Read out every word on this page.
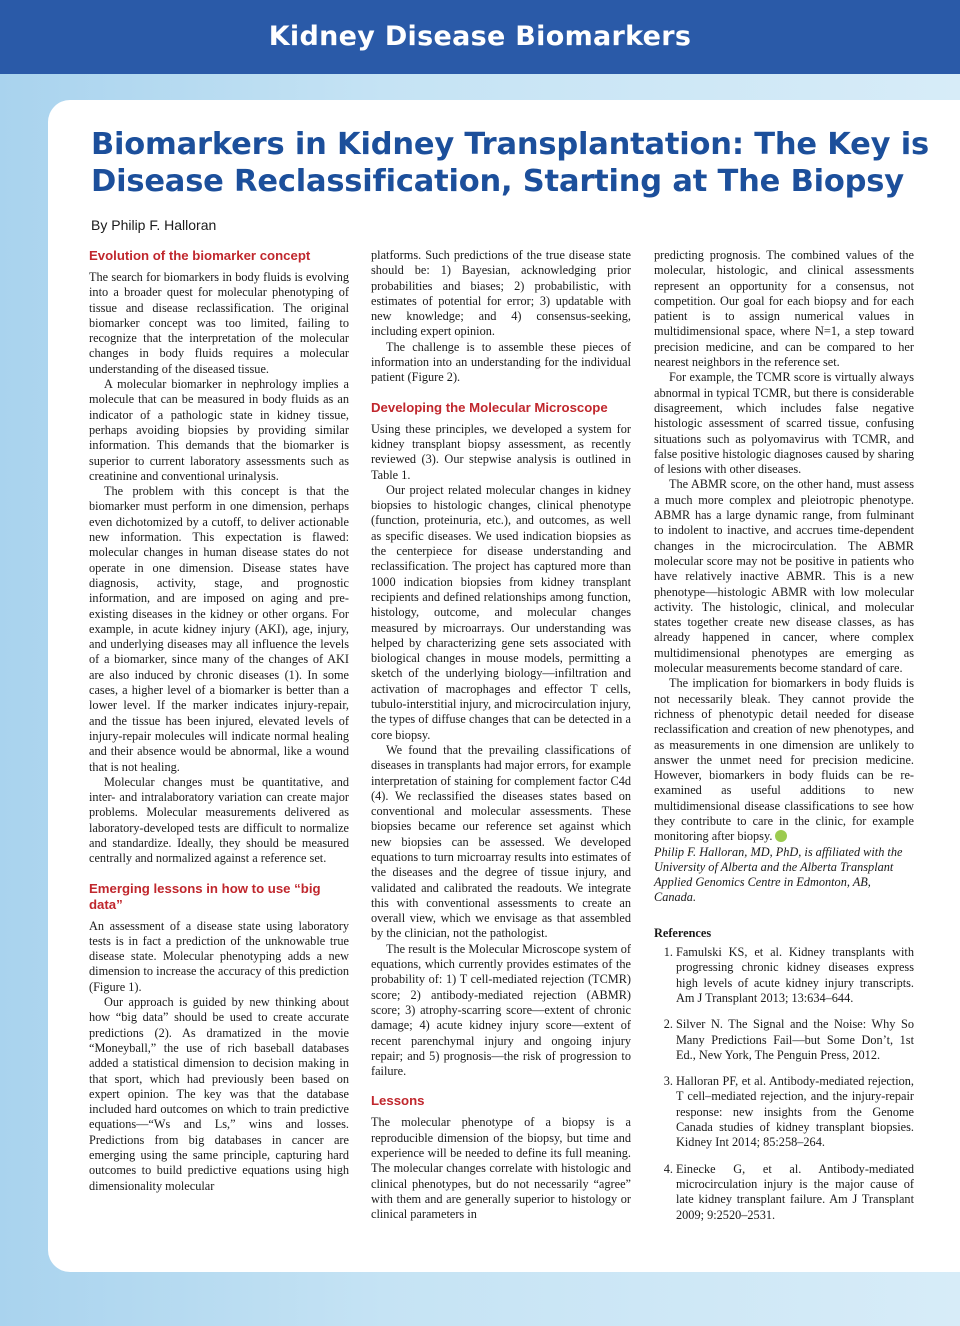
Kidney Disease Biomarkers
Biomarkers in Kidney Transplantation: The Key is Disease Reclassification, Starting at The Biopsy
By Philip F. Halloran
Evolution of the biomarker concept

The search for biomarkers in body fluids is evolving into a broader quest for molecular phenotyping of tissue and disease reclassification. The original biomarker concept was too limited, failing to recognize that the interpretation of the molecular changes in body fluids requires a molecular understanding of the diseased tissue.

A molecular biomarker in nephrology implies a molecule that can be measured in body fluids as an indicator of a pathologic state in kidney tissue, perhaps avoiding biopsies by providing similar information. This demands that the biomarker is superior to current laboratory assessments such as creatinine and conventional urinalysis.

The problem with this concept is that the biomarker must perform in one dimension, perhaps even dichotomized by a cutoff, to deliver actionable new information. This expectation is flawed: molecular changes in human disease states do not operate in one dimension. Disease states have diagnosis, activity, stage, and prognostic information, and are imposed on aging and pre-existing diseases in the kidney or other organs. For example, in acute kidney injury (AKI), age, injury, and underlying diseases may all influence the levels of a biomarker, since many of the changes of AKI are also induced by chronic diseases (1). In some cases, a higher level of a biomarker is better than a lower level. If the marker indicates injury-repair, and the tissue has been injured, elevated levels of injury-repair molecules will indicate normal healing and their absence would be abnormal, like a wound that is not healing.

Molecular changes must be quantitative, and inter- and intralaboratory variation can create major problems. Molecular measurements delivered as laboratory-developed tests are difficult to normalize and standardize. Ideally, they should be measured centrally and normalized against a reference set.

Emerging lessons in how to use “big data”

An assessment of a disease state using laboratory tests is in fact a prediction of the unknowable true disease state. Molecular phenotyping adds a new dimension to increase the accuracy of this prediction (Figure 1).

Our approach is guided by new thinking about how “big data” should be used to create accurate predictions (2). As dramatized in the movie “Moneyball,” the use of rich baseball databases added a statistical dimension to decision making in that sport, which had previously been based on expert opinion. The key was that the database included hard outcomes on which to train predictive equations—“Ws and Ls,” wins and losses. Predictions from big databases in cancer are emerging using the same principle, capturing hard outcomes to build predictive equations using high dimensionality molecular

platforms. Such predictions of the true disease state should be: 1) Bayesian, acknowledging prior probabilities and biases; 2) probabilistic, with estimates of potential for error; 3) updatable with new knowledge; and 4) consensus-seeking, including expert opinion.

The challenge is to assemble these pieces of information into an understanding for the individual patient (Figure 2).

Developing the Molecular Microscope

Using these principles, we developed a system for kidney transplant biopsy assessment, as recently reviewed (3). Our stepwise analysis is outlined in Table 1.

Our project related molecular changes in kidney biopsies to histologic changes, clinical phenotype (function, proteinuria, etc.), and outcomes, as well as specific diseases. We used indication biopsies as the centerpiece for disease understanding and reclassification. The project has captured more than 1000 indication biopsies from kidney transplant recipients and defined relationships among function, histology, outcome, and molecular changes measured by microarrays. Our understanding was helped by characterizing gene sets associated with biological changes in mouse models, permitting a sketch of the underlying biology—infiltration and activation of macrophages and effector T cells, tubulo-interstitial injury, and microcirculation injury, the types of diffuse changes that can be detected in a core biopsy.

We found that the prevailing classifications of diseases in transplants had major errors, for example interpretation of staining for complement factor C4d (4). We reclassified the diseases states based on conventional and molecular assessments. These biopsies became our reference set against which new biopsies can be assessed. We developed equations to turn microarray results into estimates of the diseases and the degree of tissue injury, and validated and calibrated the readouts. We integrate this with conventional assessments to create an overall view, which we envisage as that assembled by the clinician, not the pathologist.

The result is the Molecular Microscope system of equations, which currently provides estimates of the probability of: 1) T cell-mediated rejection (TCMR) score; 2) antibody-mediated rejection (ABMR) score; 3) atrophy-scarring score—extent of chronic damage; 4) acute kidney injury score—extent of recent parenchymal injury and ongoing injury repair; and 5) prognosis—the risk of progression to failure.

Lessons

The molecular phenotype of a biopsy is a reproducible dimension of the biopsy, but time and experience will be needed to define its full meaning. The molecular changes correlate with histologic and clinical phenotypes, but do not necessarily “agree” with them and are generally superior to histology or clinical parameters in

predicting prognosis. The combined values of the molecular, histologic, and clinical assessments represent an opportunity for a consensus, not competition. Our goal for each biopsy and for each patient is to assign numerical values in multidimensional space, where N=1, a step toward precision medicine, and can be compared to her nearest neighbors in the reference set.

For example, the TCMR score is virtually always abnormal in typical TCMR, but there is considerable disagreement, which includes false negative histologic assessment of scarred tissue, confusing situations such as polyomavirus with TCMR, and false positive histologic diagnoses caused by sharing of lesions with other diseases.

The ABMR score, on the other hand, must assess a much more complex and pleiotropic phenotype. ABMR has a large dynamic range, from fulminant to indolent to inactive, and accrues time-dependent changes in the microcirculation. The ABMR molecular score may not be positive in patients who have relatively inactive ABMR. This is a new phenotype—histologic ABMR with low molecular activity. The histologic, clinical, and molecular states together create new disease classes, as has already happened in cancer, where complex multidimensional phenotypes are emerging as molecular measurements become standard of care.

The implication for biomarkers in body fluids is not necessarily bleak. They cannot provide the richness of phenotypic detail needed for disease reclassification and creation of new phenotypes, and as measurements in one dimension are unlikely to answer the unmet need for precision medicine. However, biomarkers in body fluids can be re-examined as useful additions to new multidimensional disease classifications to see how they contribute to care in the clinic, for example monitoring after biopsy.

Philip F. Halloran, MD, PhD, is affiliated with the University of Alberta and the Alberta Transplant Applied Genomics Centre in Edmonton, AB, Canada.

References
1. Famulski KS, et al. Kidney transplants with progressing chronic kidney diseases express high levels of acute kidney injury transcripts. Am J Transplant 2013; 13:634–644.
2. Silver N. The Signal and the Noise: Why So Many Predictions Fail—but Some Don’t, 1st Ed., New York, The Penguin Press, 2012.
3. Halloran PF, et al. Antibody-mediated rejection, T cell–mediated rejection, and the injury-repair response: new insights from the Genome Canada studies of kidney transplant biopsies. Kidney Int 2014; 85:258–264.
4. Einecke G, et al. Antibody-mediated microcirculation injury is the major cause of late kidney transplant failure. Am J Transplant 2009; 9:2520–2531.
